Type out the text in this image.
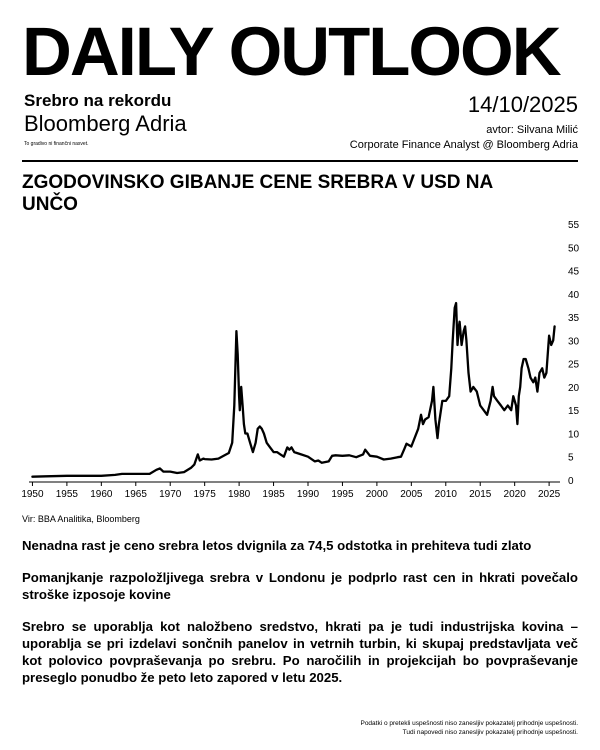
DAILY OUTLOOK
Srebro na rekordu
Bloomberg Adria
To gradivo ni finančni nasvet.
14/10/2025
avtor: Silvana Milić
Corporate Finance Analyst @ Bloomberg Adria
ZGODOVINSKO GIBANJE CENE SREBRA V USD NA UNČO
1950 1955 1960 1965 1970 1975 1980 1985 1990 1995 2000 2005 2010 2015 2020 2025
0
5
10
15
20
25
30
35
40
45
50
55
Vir: BBA Analitika, Bloomberg

Nenadna rast je ceno srebra letos dvignila za 74,5 odstotka in prehiteva tudi zlato

Pomanjkanje razpoložljivega srebra v Londonu je podprlo rast cen in hkrati povečalo stroške izposoje kovine

Srebro se uporablja kot naložbeno sredstvo, hkrati pa je tudi industrijska kovina – uporablja se pri izdelavi sončnih panelov in vetrnih turbin, ki skupaj predstavljata več kot polovico povpraševanja po srebru. Po naročilih in projekcijah bo povpraševanje preseglo ponudbo že peto leto zapored v letu 2025.

Podatki o pretekli uspešnosti niso zanesljiv pokazatelj prihodnje uspešnosti.
Tudi napovedi niso zanesljiv pokazatelj prihodnje uspešnosti.
